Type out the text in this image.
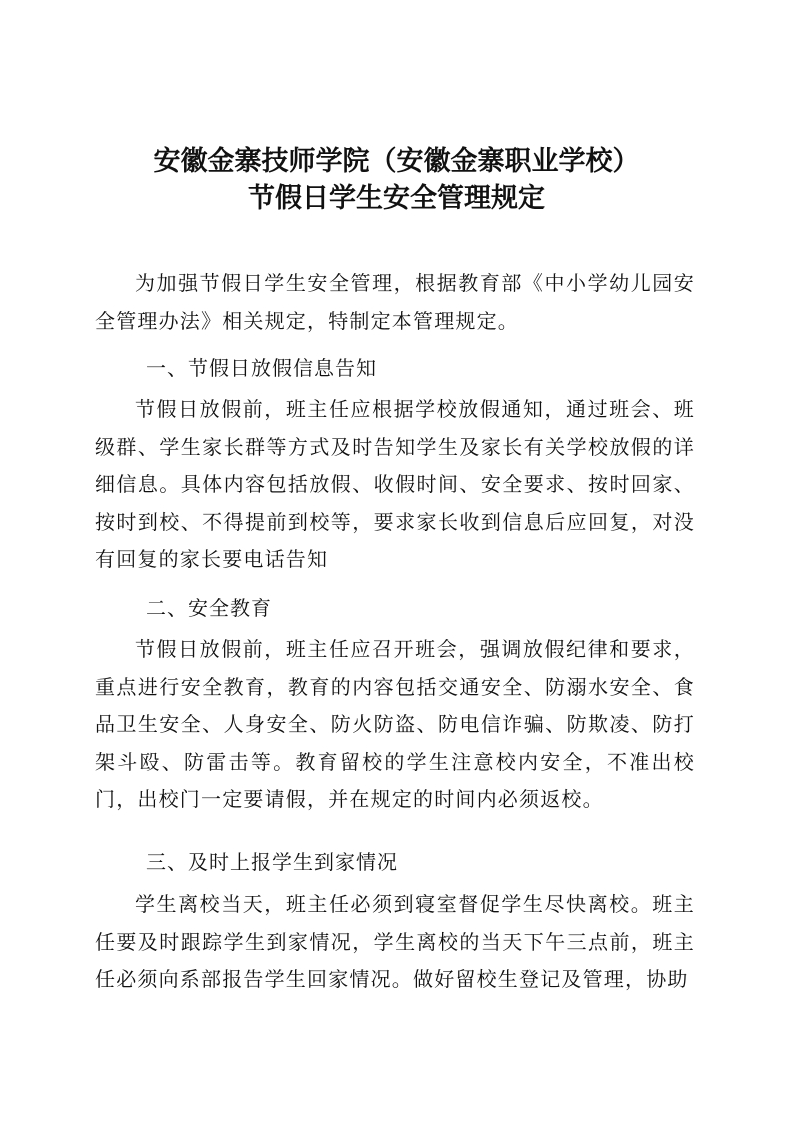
安徽金寨技师学院（安徽金寨职业学校）
节假日学生安全管理规定
为加强节假日学生安全管理，根据教育部《中小学幼儿园安全管理办法》相关规定，特制定本管理规定。
一、节假日放假信息告知
节假日放假前，班主任应根据学校放假通知，通过班会、班级群、学生家长群等方式及时告知学生及家长有关学校放假的详细信息。具体内容包括放假、收假时间、安全要求、按时回家、按时到校、不得提前到校等，要求家长收到信息后应回复，对没有回复的家长要电话告知
二、安全教育
节假日放假前，班主任应召开班会，强调放假纪律和要求，重点进行安全教育，教育的内容包括交通安全、防溺水安全、食品卫生安全、人身安全、防火防盗、防电信诈骗、防欺凌、防打架斗殴、防雷击等。教育留校的学生注意校内安全，不准出校门，出校门一定要请假，并在规定的时间内必须返校。
三、及时上报学生到家情况
学生离校当天，班主任必须到寝室督促学生尽快离校。班主任要及时跟踪学生到家情况，学生离校的当天下午三点前，班主任必须向系部报告学生回家情况。做好留校生登记及管理，协助
